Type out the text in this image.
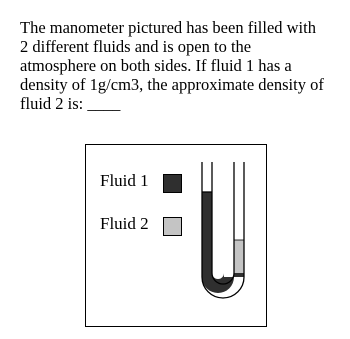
The manometer pictured has been filled with
2 different fluids and is open to the
atmosphere on both sides. If fluid 1 has a
density of 1g/cm3, the approximate density of
fluid 2 is: ____

Fluid 1
Fluid 2
